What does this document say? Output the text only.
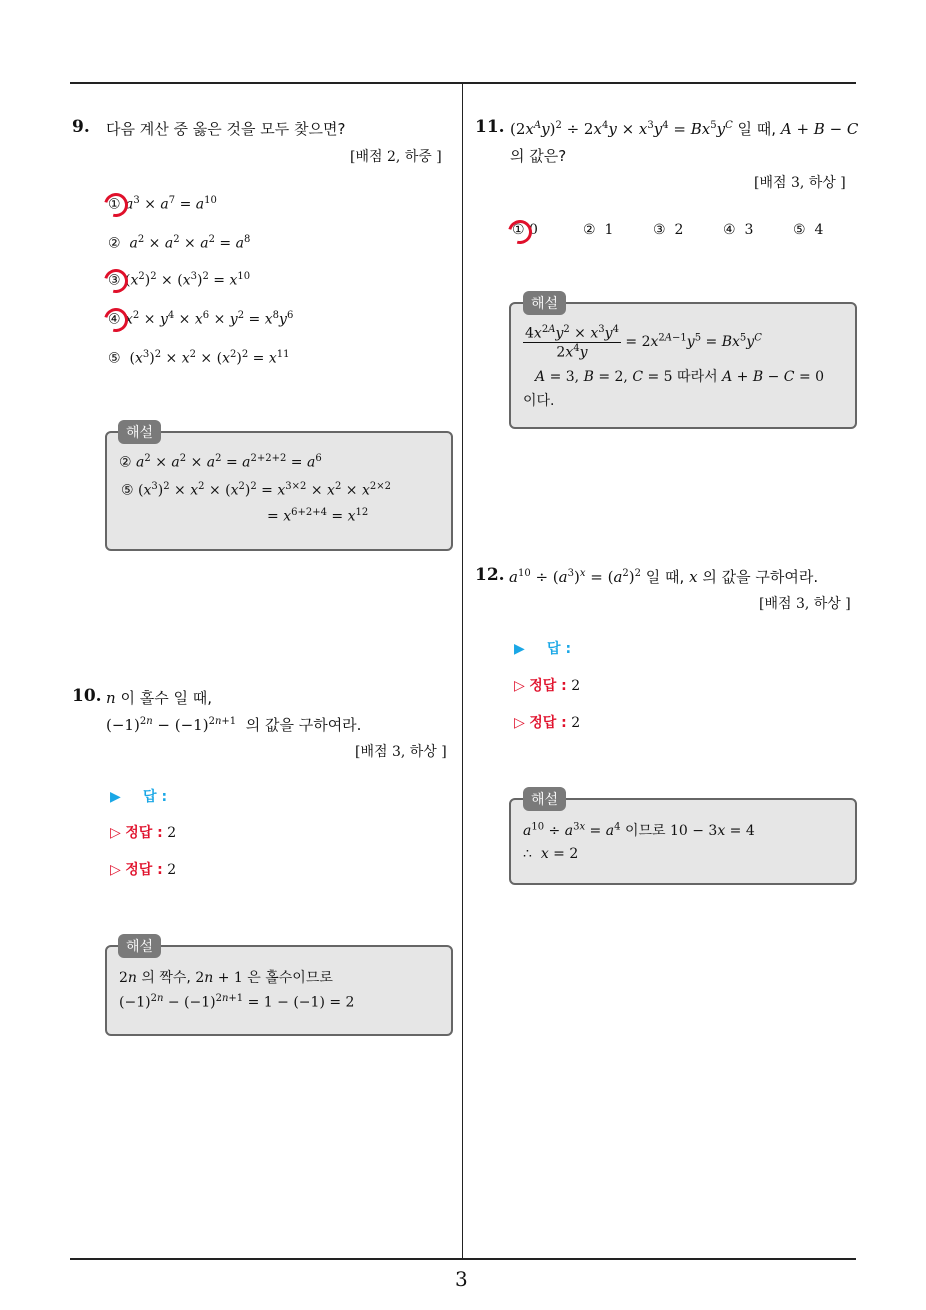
3
9. 다음 계산 중 옳은 것을 모두 찾으면?
[배점 2, 하중 ]
① $a^3 \times a^7 = a^{10}$
② $a^2 \times a^2 \times a^2 = a^8$
③ $(x^2)^2 \times (x^3)^2 = x^{10}$
④ $x^2 \times y^4 \times x^6 \times y^2 = x^8y^6$
⑤  $(x^3)^2 \times x^2 \times (x^2)^2 = x^{11}$
② $a^2 \times a^2 \times a^2 = a^{2+2+2} = a^6$
⑤ $(x^3)^2 \times x^2 \times (x^2)^2 = x^{3\times 2} \times x^2 \times x^{2\times 2}$
= $x^{6+2+4} = x^{12}$
해설
10. n 이 홀수 일 때,
$(-1)^{2n} - (-1)^{2n+1}$ 의 값을 구하여라.
[배점 3, 하상 ]
▶ 답 :
▷ 정답 : 2
▷ 정답 : 2
2n 의 짝수, 2n + 1 은 홀수이므로
$(-1)^{2n} - (-1)^{2n+1} = 1 - (-1) = 2$
해설
11. $(2x^Ay)^2 \div 2x^4y \times x^3y^4 = Bx^5y^C$ 일 때, A + B − C
의 값은?
[배점 3, 하상 ]
① 0	② 1	③ 2	④ 3	⑤ 4
$\frac{4x^{2A}y^2 \times x^3y^4}{2x^4y} = 2x^{2A-1}y^5 = Bx^5y^C$
A = 3, B = 2, C = 5 따라서 A + B − C = 0
이다.
해설
12. $a^{10} \div (a^3)^x = (a^2)^2$ 일 때, x 의 값을 구하여라.
[배점 3, 하상 ]
▶ 답 :
▷ 정답 : 2
▷ 정답 : 2
$a^{10} \div a^{3x} = a^4$ 이므로 10 − 3x = 4
∴  x = 2
해설
